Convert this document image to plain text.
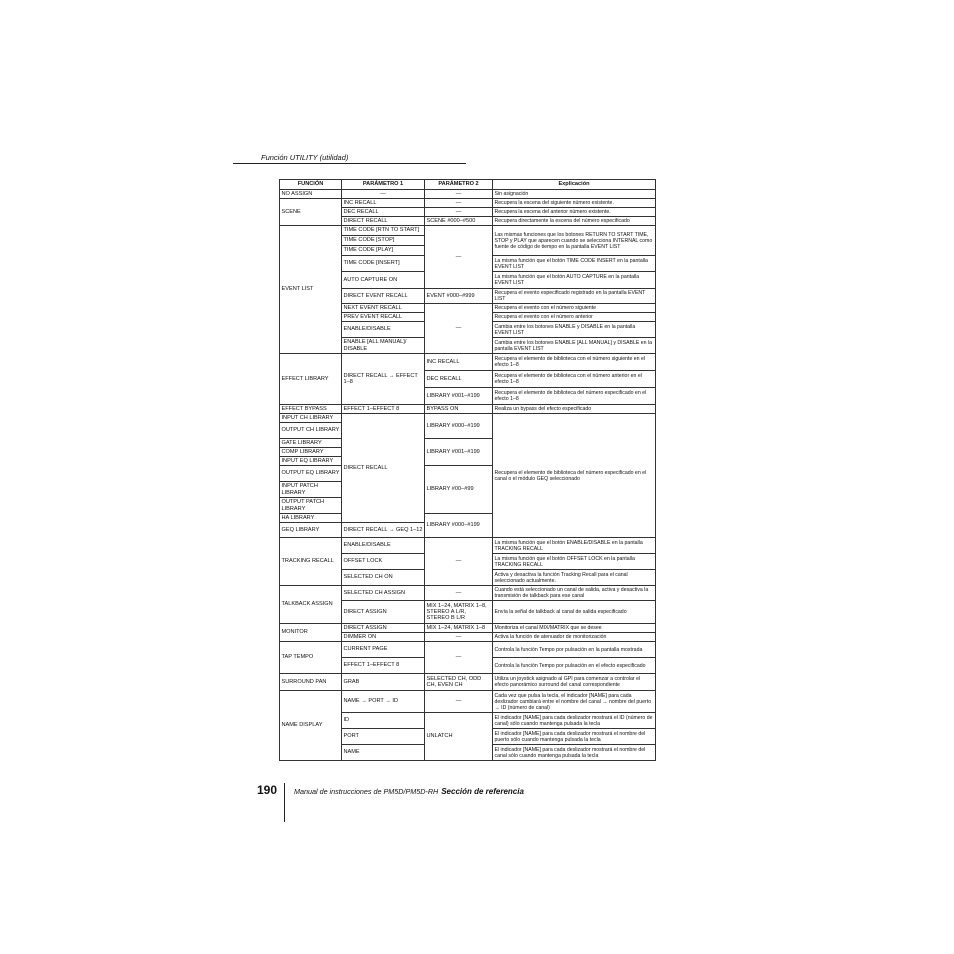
Función UTILITY (utilidad)
FUNCIÓN	PARÁMETRO 1	PARÁMETRO 2	Explicación
NO ASSIGN	—	—	Sin asignación
SCENE	INC RECALL	—	Recupera la escena del siguiente número existente.
	DEC RECALL	—	Recupera la escena del anterior número existente.
	DIRECT RECALL	SCENE #000–#500	Recupera directamente la escena del número especificado
EVENT LIST	TIME CODE [RTN TO START]	—	Las mismas funciones que los botones RETURN TO START TIME, STOP y PLAY que aparecen cuando se selecciona INTERNAL como fuente de código de tiempo en la pantalla EVENT LIST
	TIME CODE [STOP]		
	TIME CODE [PLAY]		
	TIME CODE [INSERT]		La misma función que el botón TIME CODE INSERT en la pantalla EVENT LIST
	AUTO CAPTURE ON		La misma función que el botón AUTO CAPTURE en la pantalla EVENT LIST
	DIRECT EVENT RECALL	EVENT #000–#999	Recupera el evento especificado registrado en la pantalla EVENT LIST
	NEXT EVENT RECALL	—	Recupera el evento con el número siguiente
	PREV EVENT RECALL		Recupera el evento con el número anterior
	ENABLE/DISABLE		Cambia entre los botones ENABLE y DISABLE en la pantalla EVENT LIST
	ENABLE [ALL MANUAL]/ DISABLE		Cambia entre los botones ENABLE [ALL MANUAL] y DISABLE en la pantalla EVENT LIST
EFFECT LIBRARY	DIRECT RECALL → EFFECT 1–8	INC RECALL	Recupera el elemento de biblioteca con el número siguiente en el efecto 1–8
		DEC RECALL	Recupera el elemento de biblioteca con el número anterior en el efecto 1–8
		LIBRARY #001–#199	Recupera el elemento de biblioteca del número especificado en el efecto 1–8
EFFECT BYPASS	EFFECT 1–EFFECT 8	BYPASS ON	Realiza un bypass del efecto especificado
INPUT CH LIBRARY	DIRECT RECALL	LIBRARY #000–#199	Recupera el elemento de biblioteca del número especificado en el canal o el módulo GEQ seleccionado
OUTPUT CH LIBRARY			
GATE LIBRARY		LIBRARY #001–#199	
COMP LIBRARY			
INPUT EQ LIBRARY			
OUTPUT EQ LIBRARY		LIBRARY #00–#99	
INPUT PATCH LIBRARY			
OUTPUT PATCH LIBRARY			
HA LIBRARY		LIBRARY #000–#199	
GEQ LIBRARY	DIRECT RECALL → GEQ 1–12		
TRACKING RECALL	ENABLE/DISABLE	—	La misma función que el botón ENABLE/DISABLE en la pantalla TRACKING RECALL
	OFFSET LOCK		La misma función que el botón OFFSET LOCK en la pantalla TRACKING RECALL
	SELECTED CH ON		Activa y desactiva la función Tracking Recall para el canal seleccionado actualmente.
TALKBACK ASSIGN	SELECTED CH ASSIGN	—	Cuando está seleccionado un canal de salida, activa y desactiva la transmisión de talkback para ese canal
	DIRECT ASSIGN	MIX 1–24, MATRIX 1–8, STEREO A L/R, STEREO B L/R	Envía la señal de talkback al canal de salida especificado
MONITOR	DIRECT ASSIGN	MIX 1–24, MATRIX 1–8	Monitoriza el canal MIX/MATRIX que se desee
	DIMMER ON	—	Activa la función de atenuador de monitorización
TAP TEMPO	CURRENT PAGE	—	Controla la función Tempo por pulsación en la pantalla mostrada
	EFFECT 1–EFFECT 8		Controla la función Tempo por pulsación en el efecto especificado
SURROUND PAN	GRAB	SELECTED CH, ODD CH, EVEN CH	Utiliza un joystick asignado al GPI para comenzar a controlar el efecto panorámico surround del canal correspondiente
NAME DISPLAY	NAME → PORT → ID	—	Cada vez que pulsa la tecla, el indicador [NAME] para cada deslizador cambiará entre el nombre del canal → nombre del puerto → ID (número de canal)
	ID	UNLATCH	El indicador [NAME] para cada deslizador mostrará el ID (número de canal) sólo cuando mantenga pulsada la tecla
	PORT		El indicador [NAME] para cada deslizador mostrará el nombre del puerto sólo cuando mantenga pulsada la tecla
	NAME		El indicador [NAME] para cada deslizador mostrará el nombre del canal sólo cuando mantenga pulsada la tecla
190 Manual de instrucciones de PM5D/PM5D-RH Sección de referencia
